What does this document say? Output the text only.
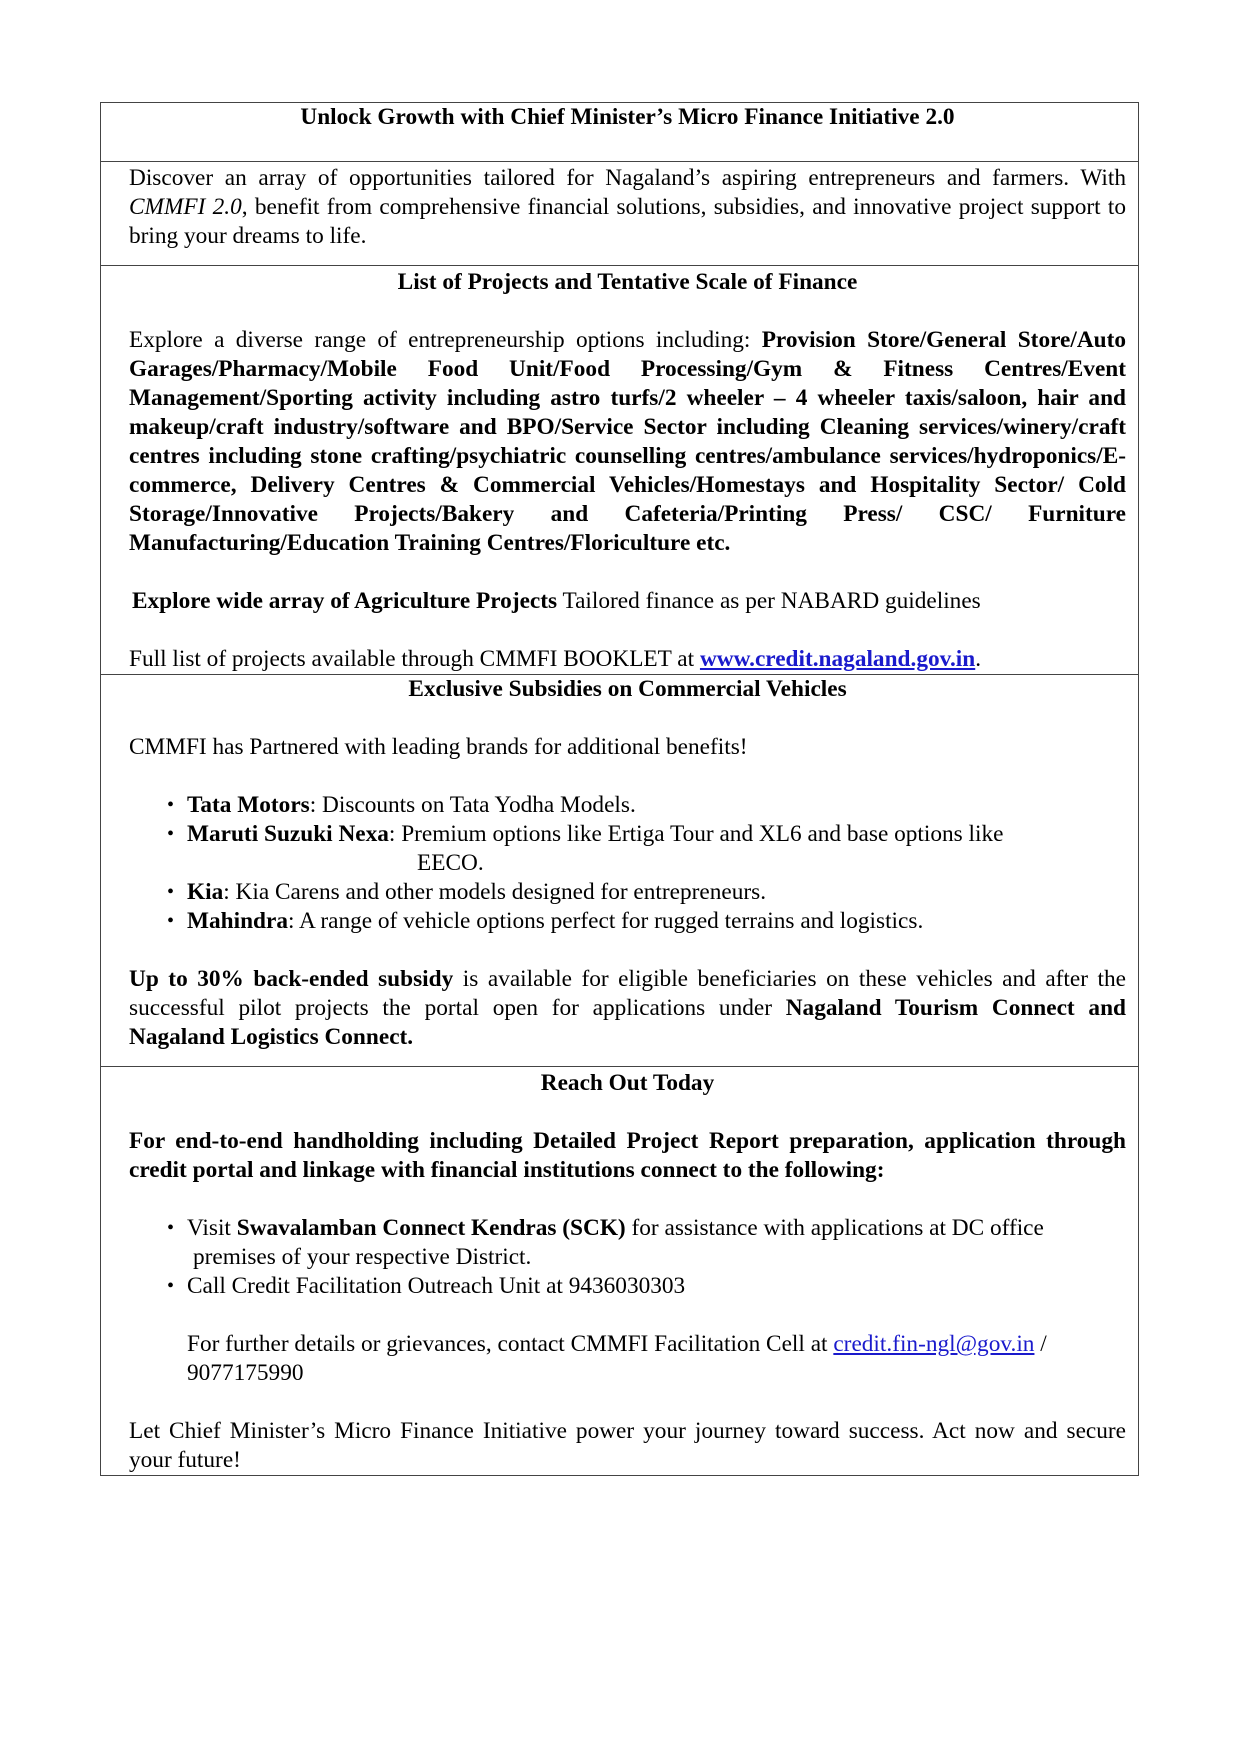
Unlock Growth with Chief Minister’s Micro Finance Initiative 2.0

Discover an array of opportunities tailored for Nagaland’s aspiring entrepreneurs and farmers. With CMMFI 2.0, benefit from comprehensive financial solutions, subsidies, and innovative project support to bring your dreams to life.

List of Projects and Tentative Scale of Finance

Explore a diverse range of entrepreneurship options including: Provision Store/General Store/Auto Garages/Pharmacy/Mobile Food Unit/Food Processing/Gym & Fitness Centres/Event Management/Sporting activity including astro turfs/2 wheeler – 4 wheeler taxis/saloon, hair and makeup/craft industry/software and BPO/Service Sector including Cleaning services/winery/craft centres including stone crafting/psychiatric counselling centres/ambulance services/hydroponics/E-commerce, Delivery Centres & Commercial Vehicles/Homestays and Hospitality Sector/ Cold Storage/Innovative Projects/Bakery and Cafeteria/Printing Press/ CSC/ Furniture Manufacturing/Education Training Centres/Floriculture etc.

Explore wide array of Agriculture Projects Tailored finance as per NABARD guidelines

Full list of projects available through CMMFI BOOKLET at www.credit.nagaland.gov.in.

Exclusive Subsidies on Commercial Vehicles

CMMFI has Partnered with leading brands for additional benefits!

• Tata Motors: Discounts on Tata Yodha Models.
• Maruti Suzuki Nexa: Premium options like Ertiga Tour and XL6 and base options like
EECO.
• Kia: Kia Carens and other models designed for entrepreneurs.
• Mahindra: A range of vehicle options perfect for rugged terrains and logistics.

Up to 30% back-ended subsidy is available for eligible beneficiaries on these vehicles and after the successful pilot projects the portal open for applications under Nagaland Tourism Connect and Nagaland Logistics Connect.

Reach Out Today

For end-to-end handholding including Detailed Project Report preparation, application through credit portal and linkage with financial institutions connect to the following:

• Visit Swavalamban Connect Kendras (SCK) for assistance with applications at DC office
premises of your respective District.
• Call Credit Facilitation Outreach Unit at 9436030303

For further details or grievances, contact CMMFI Facilitation Cell at credit.fin-ngl@gov.in /
9077175990

Let Chief Minister’s Micro Finance Initiative power your journey toward success. Act now and secure your future!
